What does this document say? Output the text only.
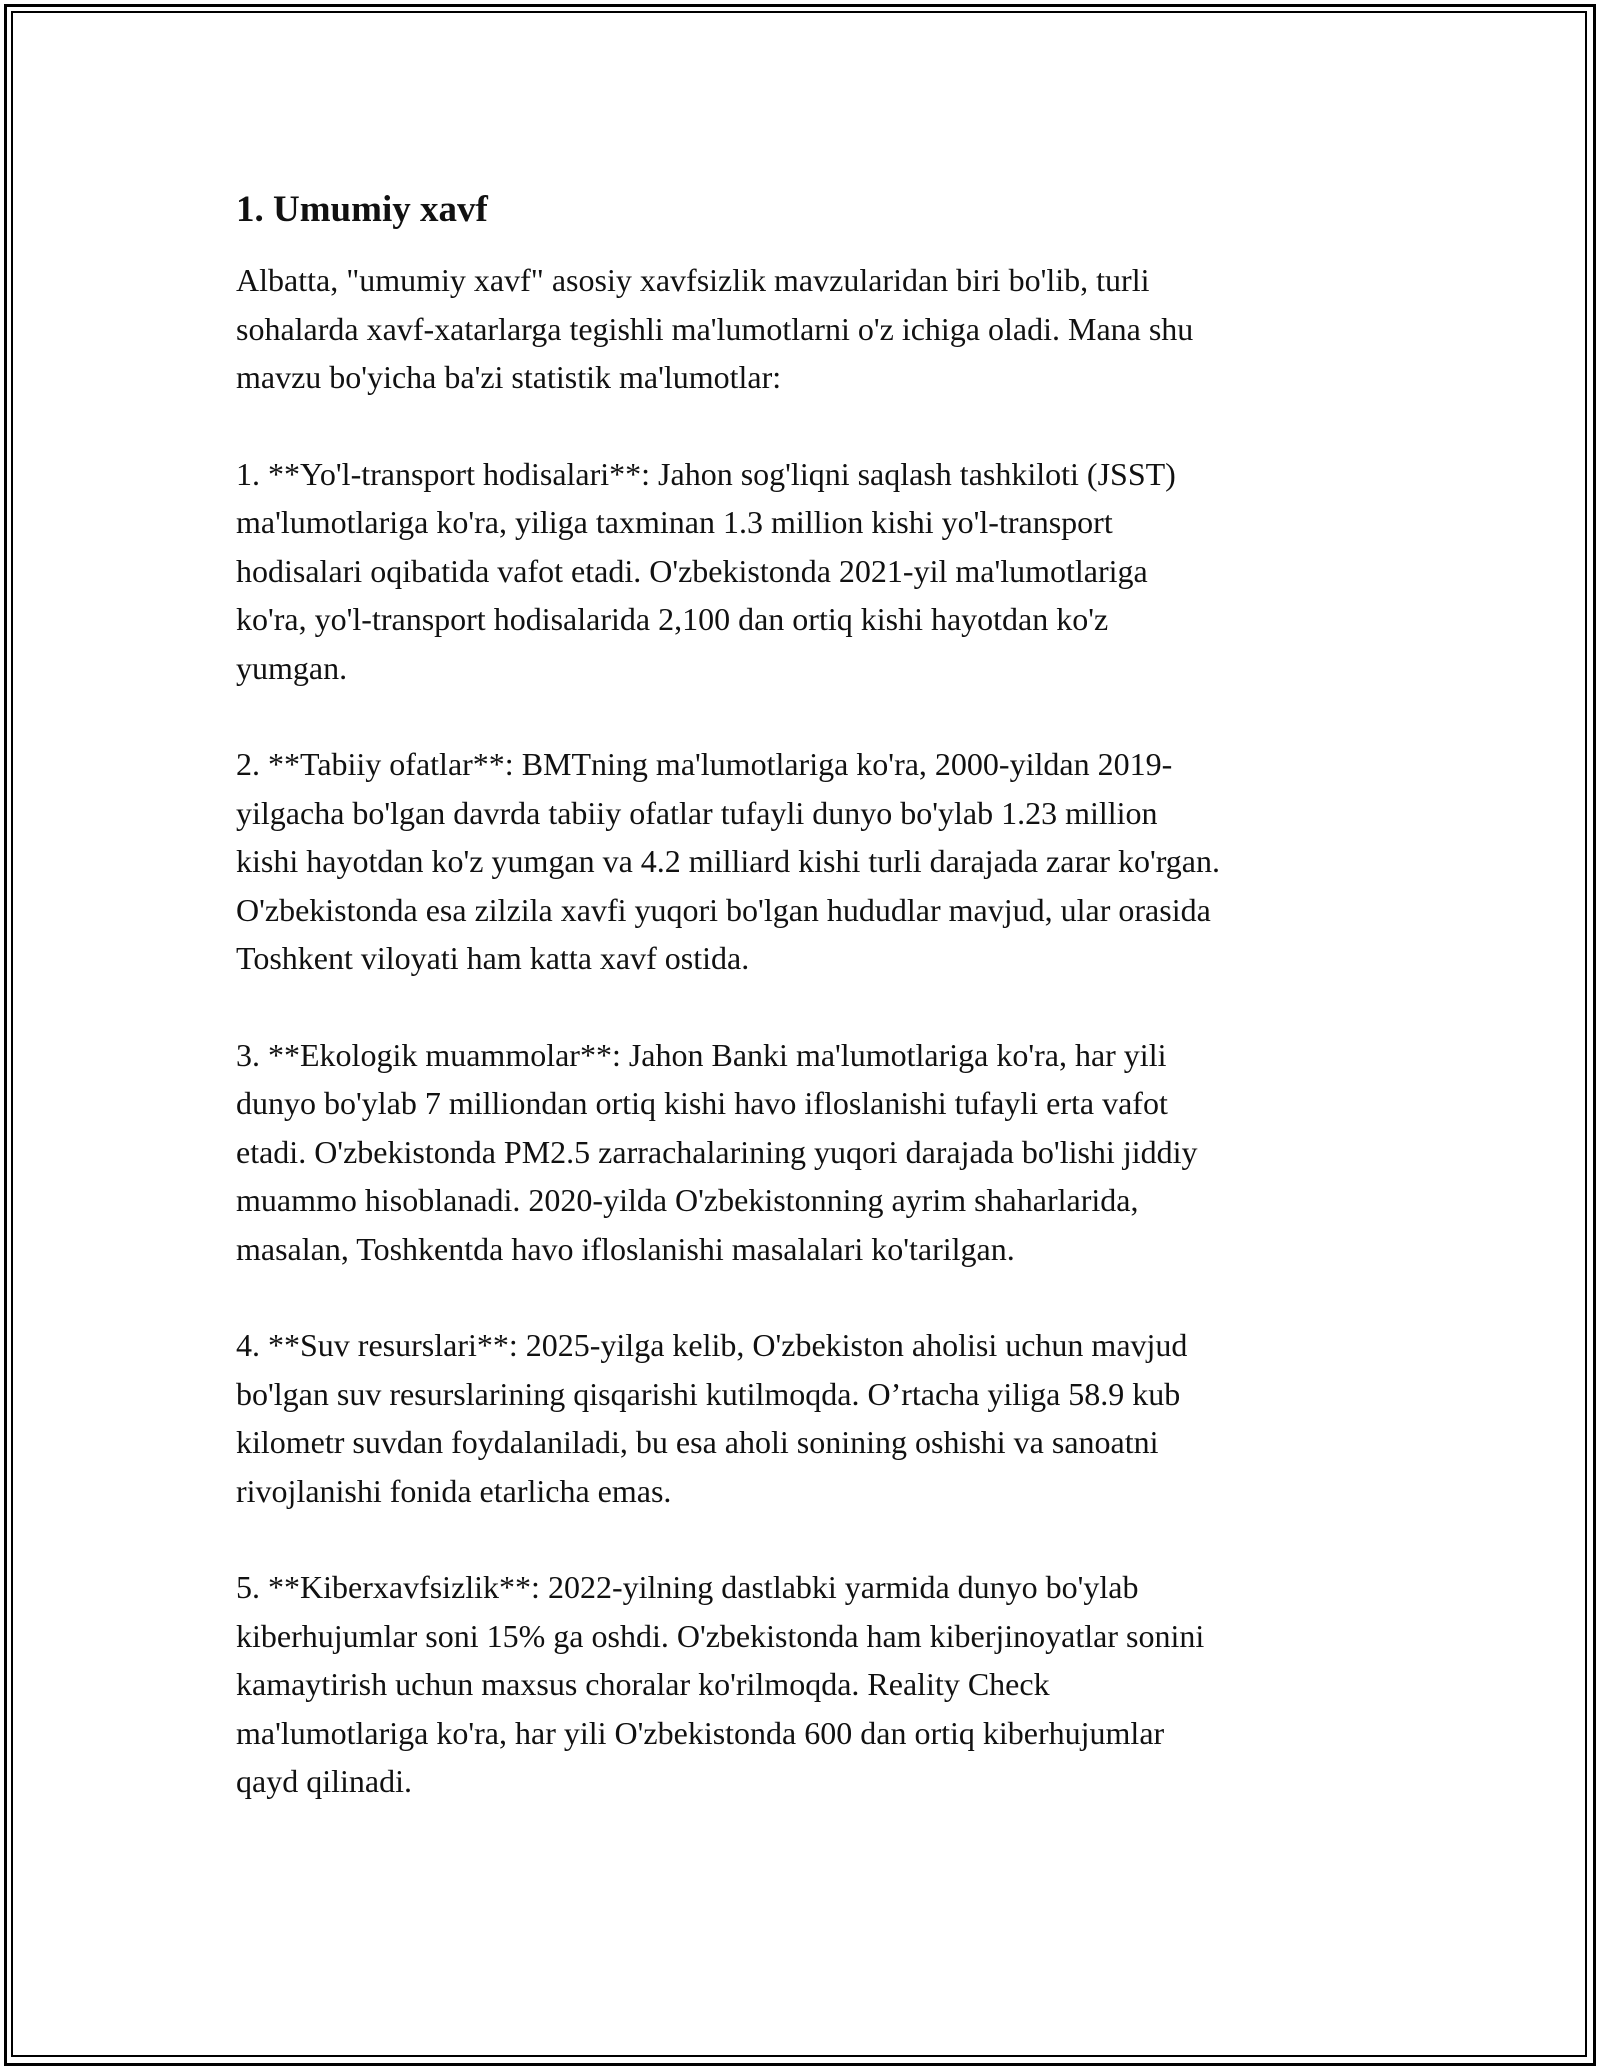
1. Umumiy xavf

Albatta, "umumiy xavf" asosiy xavfsizlik mavzularidan biri bo'lib, turli
sohalarda xavf-xatarlarga tegishli ma'lumotlarni o'z ichiga oladi. Mana shu
mavzu bo'yicha ba'zi statistik ma'lumotlar:

1. **Yo'l-transport hodisalari**: Jahon sog'liqni saqlash tashkiloti (JSST)
ma'lumotlariga ko'ra, yiliga taxminan 1.3 million kishi yo'l-transport
hodisalari oqibatida vafot etadi. O'zbekistonda 2021-yil ma'lumotlariga
ko'ra, yo'l-transport hodisalarida 2,100 dan ortiq kishi hayotdan ko'z
yumgan.

2. **Tabiiy ofatlar**: BMTning ma'lumotlariga ko'ra, 2000-yildan 2019-
yilgacha bo'lgan davrda tabiiy ofatlar tufayli dunyo bo'ylab 1.23 million
kishi hayotdan ko'z yumgan va 4.2 milliard kishi turli darajada zarar ko'rgan.
O'zbekistonda esa zilzila xavfi yuqori bo'lgan hududlar mavjud, ular orasida
Toshkent viloyati ham katta xavf ostida.

3. **Ekologik muammolar**: Jahon Banki ma'lumotlariga ko'ra, har yili
dunyo bo'ylab 7 milliondan ortiq kishi havo ifloslanishi tufayli erta vafot
etadi. O'zbekistonda PM2.5 zarrachalarining yuqori darajada bo'lishi jiddiy
muammo hisoblanadi. 2020-yilda O'zbekistonning ayrim shaharlarida,
masalan, Toshkentda havo ifloslanishi masalalari ko'tarilgan.

4. **Suv resurslari**: 2025-yilga kelib, O'zbekiston aholisi uchun mavjud
bo'lgan suv resurslarining qisqarishi kutilmoqda. O’rtacha yiliga 58.9 kub
kilometr suvdan foydalaniladi, bu esa aholi sonining oshishi va sanoatni
rivojlanishi fonida etarlicha emas.

5. **Kiberxavfsizlik**: 2022-yilning dastlabki yarmida dunyo bo'ylab
kiberhujumlar soni 15% ga oshdi. O'zbekistonda ham kiberjinoyatlar sonini
kamaytirish uchun maxsus choralar ko'rilmoqda. Reality Check
ma'lumotlariga ko'ra, har yili O'zbekistonda 600 dan ortiq kiberhujumlar
qayd qilinadi.
